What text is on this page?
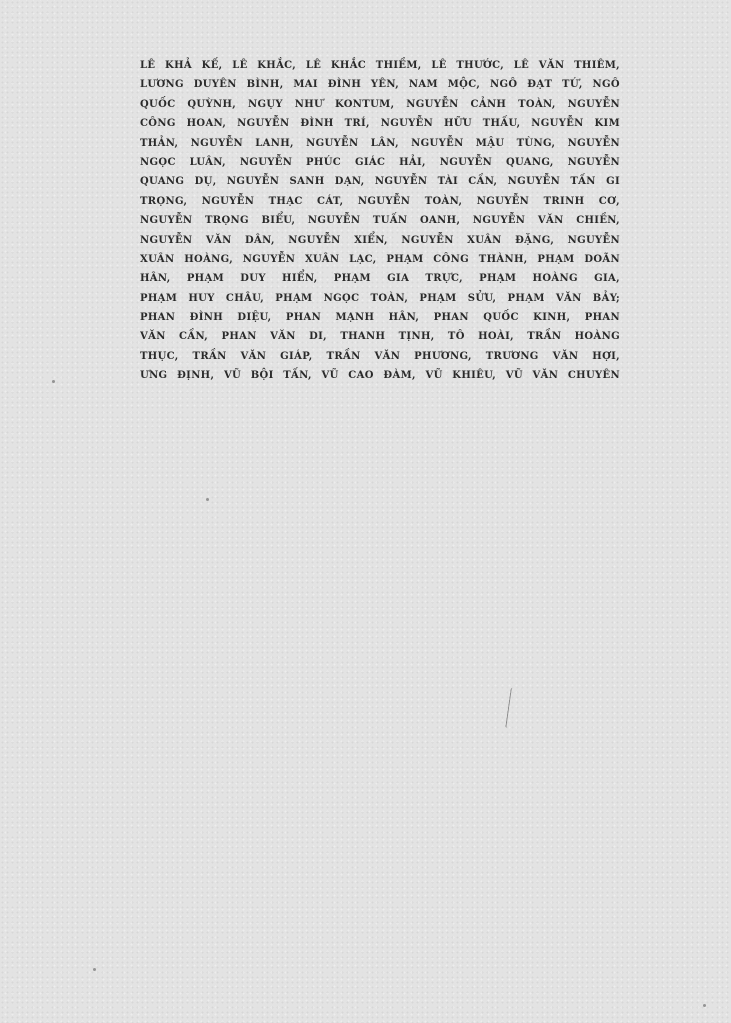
LÊ KHẢ KẾ, LÊ KHẮC, LÊ KHẮC THIỀM, LÊ THƯỚC, LÊ VĂN THIÊM,
LƯƠNG DUYÊN BÌNH, MAI ĐÌNH YÊN, NAM MỘC, NGÔ ĐẠT TỨ, NGÔ
QUỐC QUỲNH, NGỤY NHƯ KONTUM, NGUYỄN CẢNH TOÀN, NGUYỄN
CÔNG HOAN, NGUYỄN ĐÌNH TRÍ, NGUYỄN HỮU THẤU, NGUYỄN KIM
THẢN, NGUYỄN LANH, NGUYỄN LÂN, NGUYỄN MẬU TÙNG, NGUYỄN
NGỌC LUÂN, NGUYỄN PHÚC GIÁC HẢI, NGUYỄN QUANG, NGUYỄN
QUANG DỤ, NGUYỄN SANH DẠN, NGUYỄN TÀI CẦN, NGUYỄN TẤN GI
TRỌNG, NGUYỄN THẠC CÁT, NGUYỄN TOÀN, NGUYỄN TRINH CƠ,
NGUYỄN TRỌNG BIỂU, NGUYỄN TUẤN OANH, NGUYỄN VĂN CHIỀN,
NGUYỄN VĂN DÂN, NGUYỄN XIỂN, NGUYỄN XUÂN ĐẶNG, NGUYỄN
XUÂN HOÀNG, NGUYỄN XUÂN LẠC, PHẠM CÔNG THÀNH, PHẠM DOÃN
HÂN, PHẠM DUY HIỂN, PHẠM GIA TRỰC, PHẠM HOÀNG GIA,
PHẠM HUY CHÂU, PHẠM NGỌC TOÀN, PHẠM SỬU, PHẠM VĂN BẢY;
PHAN ĐÌNH DIỆU, PHAN MẠNH HÂN, PHAN QUỐC KINH, PHAN
VĂN CẦN, PHAN VĂN DI, THANH TỊNH, TÔ HOÀI, TRẦN HOÀNG
THỤC, TRẦN VĂN GIÁP, TRẦN VĂN PHƯƠNG, TRƯƠNG VĂN HỢI,
ƯNG ĐỊNH, VŨ BỘI TẤN, VŨ CAO ĐÀM, VŨ KHIÊU, VŨ VĂN CHUYÊN
